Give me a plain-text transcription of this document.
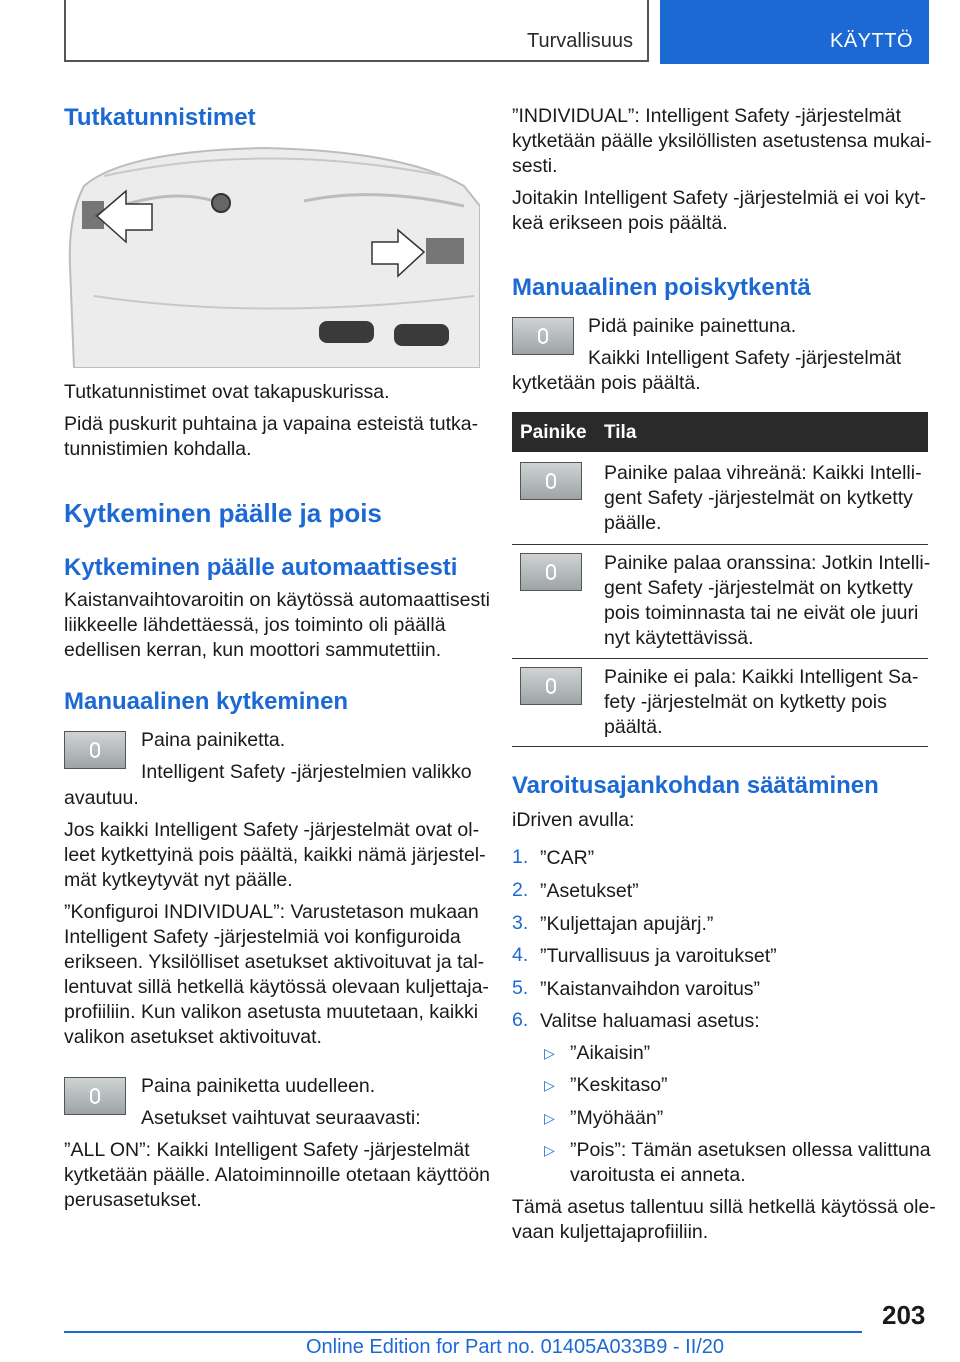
Turvallisuus	KÄYTTÖ
Tutkatunnistimet

Tutkatunnistimet ovat takapuskurissa.

Pidä puskurit puhtaina ja vapaina esteistä tutka-

tunnistimien kohdalla.

Kytkeminen päälle ja pois
Kytkeminen päälle automaattisesti

Kaistanvaihtovaroitin on käytössä automaattisesti

liikkeelle lähdettäessä, jos toiminto oli päällä

edellisen kerran, kun moottori sammutettiin.

Manuaalinen kytkeminen

Paina painiketta.

Intelligent Safety -järjestelmien valikko

avautuu.

Jos kaikki Intelligent Safety -järjestelmät ovat ol-

leet kytkettyinä pois päältä, kaikki nämä järjestel-

mät kytkeytyvät nyt päälle.

”Konfiguroi INDIVIDUAL”: Varustetason mukaan

Intelligent Safety -järjestelmiä voi konfiguroida

erikseen. Yksilölliset asetukset aktivoituvat ja tal-

lentuvat sillä hetkellä käytössä olevaan kuljettaja-

profiiliin. Kun valikon asetusta muutetaan, kaikki

valikon asetukset aktivoituvat.

Paina painiketta uudelleen.

Asetukset vaihtuvat seuraavasti:

”ALL ON”: Kaikki Intelligent Safety -järjestelmät

kytketään päälle. Alatoiminnoille otetaan käyttöön

perusasetukset.

”INDIVIDUAL”: Intelligent Safety -järjestelmät

kytketään päälle yksilöllisten asetustensa mukai-

sesti.

Joitakin Intelligent Safety -järjestelmiä ei voi kyt-

keä erikseen pois päältä.

Manuaalinen poiskytkentä

Pidä painike painettuna.

Kaikki Intelligent Safety -järjestelmät

kytketään pois päältä.

Painike Tila

Painike palaa vihreänä: Kaikki Intelli-

gent Safety -järjestelmät on kytketty

päälle.

Painike palaa oranssina: Jotkin Intelli-

gent Safety -järjestelmät on kytketty

pois toiminnasta tai ne eivät ole juuri

nyt käytettävissä.

Painike ei pala: Kaikki Intelligent Sa-

fety -järjestelmät on kytketty pois

päältä.

Varoitusajankohdan säätäminen

iDriven avulla:

1. ”CAR”

2. ”Asetukset”

3. ”Kuljettajan apujärj.”

4. ”Turvallisuus ja varoitukset”

5. ”Kaistanvaihdon varoitus”

6. Valitse haluamasi asetus:

▷ ”Aikaisin”

▷ ”Keskitaso”

▷ ”Myöhään”

▷ ”Pois”: Tämän asetuksen ollessa valittuna

varoitusta ei anneta.

Tämä asetus tallentuu sillä hetkellä käytössä ole-

vaan kuljettajaprofiiliin.

203
Online Edition for Part no. 01405A033B9 - II/20
